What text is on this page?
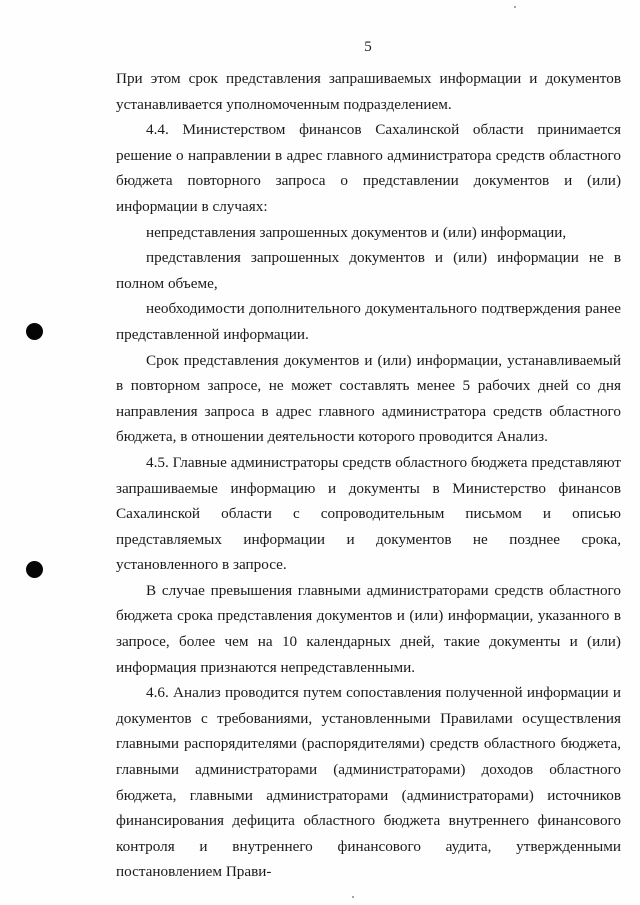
5

При этом срок представления запрашиваемых информации и документов устанавливается уполномоченным подразделением.

4.4. Министерством финансов Сахалинской области принимается решение о направлении в адрес главного администратора средств областного бюджета повторного запроса о представлении документов и (или) информации в случаях:

непредставления запрошенных документов и (или) информации,

представления запрошенных документов и (или) информации не в полном объеме,

необходимости дополнительного документального подтверждения ранее представленной информации.

Срок представления документов и (или) информации, устанавливаемый в повторном запросе, не может составлять менее 5 рабочих дней со дня направления запроса в адрес главного администратора средств областного бюджета, в отношении деятельности которого проводится Анализ.

4.5. Главные администраторы средств областного бюджета представляют запрашиваемые информацию и документы в Министерство финансов Сахалинской области с сопроводительным письмом и описью представляемых информации и документов не позднее срока, установленного в запросе.

В случае превышения главными администраторами средств областного бюджета срока представления документов и (или) информации, указанного в запросе, более чем на 10 календарных дней, такие документы и (или) информация признаются непредставленными.

4.6. Анализ проводится путем сопоставления полученной информации и документов с требованиями, установленными Правилами осуществления главными распорядителями (распорядителями) средств областного бюджета, главными администраторами (администраторами) доходов областного бюджета, главными администраторами (администраторами) источников финансирования дефицита областного бюджета внутреннего финансового контроля и внутреннего финансового аудита, утвержденными постановлением Прави-
